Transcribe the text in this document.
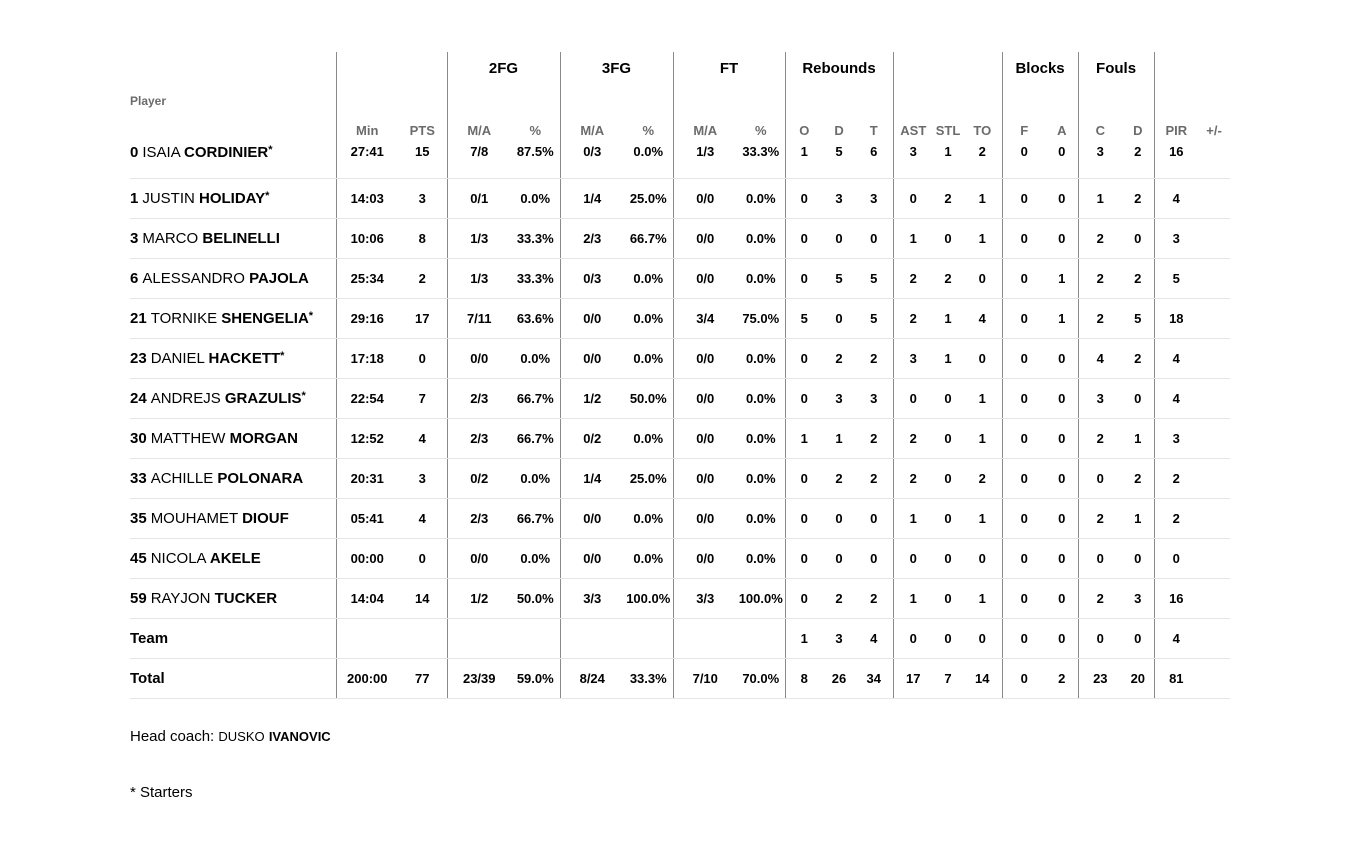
			2FG		3FG		FT		Rebounds						Blocks		Fouls			
Player	Min	PTS	M/A	%	M/A	%	M/A	%	O	D	T	AST	STL	TO	F	A	C	D	PIR	+/-
0 ISAIA CORDINIER*	27:41	15	7/8	87.5%	0/3	0.0%	1/3	33.3%	1	5	6	3	1	2	0	0	3	2	16	
1 JUSTIN HOLIDAY*	14:03	3	0/1	0.0%	1/4	25.0%	0/0	0.0%	0	3	3	0	2	1	0	0	1	2	4	
3 MARCO BELINELLI	10:06	8	1/3	33.3%	2/3	66.7%	0/0	0.0%	0	0	0	1	0	1	0	0	2	0	3	
6 ALESSANDRO PAJOLA	25:34	2	1/3	33.3%	0/3	0.0%	0/0	0.0%	0	5	5	2	2	0	0	1	2	2	5	
21 TORNIKE SHENGELIA*	29:16	17	7/11	63.6%	0/0	0.0%	3/4	75.0%	5	0	5	2	1	4	0	1	2	5	18	
23 DANIEL HACKETT*	17:18	0	0/0	0.0%	0/0	0.0%	0/0	0.0%	0	2	2	3	1	0	0	0	4	2	4	
24 ANDREJS GRAZULIS*	22:54	7	2/3	66.7%	1/2	50.0%	0/0	0.0%	0	3	3	0	0	1	0	0	3	0	4	
30 MATTHEW MORGAN	12:52	4	2/3	66.7%	0/2	0.0%	0/0	0.0%	1	1	2	2	0	1	0	0	2	1	3	
33 ACHILLE POLONARA	20:31	3	0/2	0.0%	1/4	25.0%	0/0	0.0%	0	2	2	2	0	2	0	0	0	2	2	
35 MOUHAMET DIOUF	05:41	4	2/3	66.7%	0/0	0.0%	0/0	0.0%	0	0	0	1	0	1	0	0	2	1	2	
45 NICOLA AKELE	00:00	0	0/0	0.0%	0/0	0.0%	0/0	0.0%	0	0	0	0	0	0	0	0	0	0	0	
59 RAYJON TUCKER	14:04	14	1/2	50.0%	3/3	100.0%	3/3	100.0%	0	2	2	1	0	1	0	0	2	3	16	
Team									1	3	4	0	0	0	0	0	0	0	4	
Total	200:00	77	23/39	59.0%	8/24	33.3%	7/10	70.0%	8	26	34	17	7	14	0	2	23	20	81	
Head coach: DUSKO IVANOVIC
* Starters
